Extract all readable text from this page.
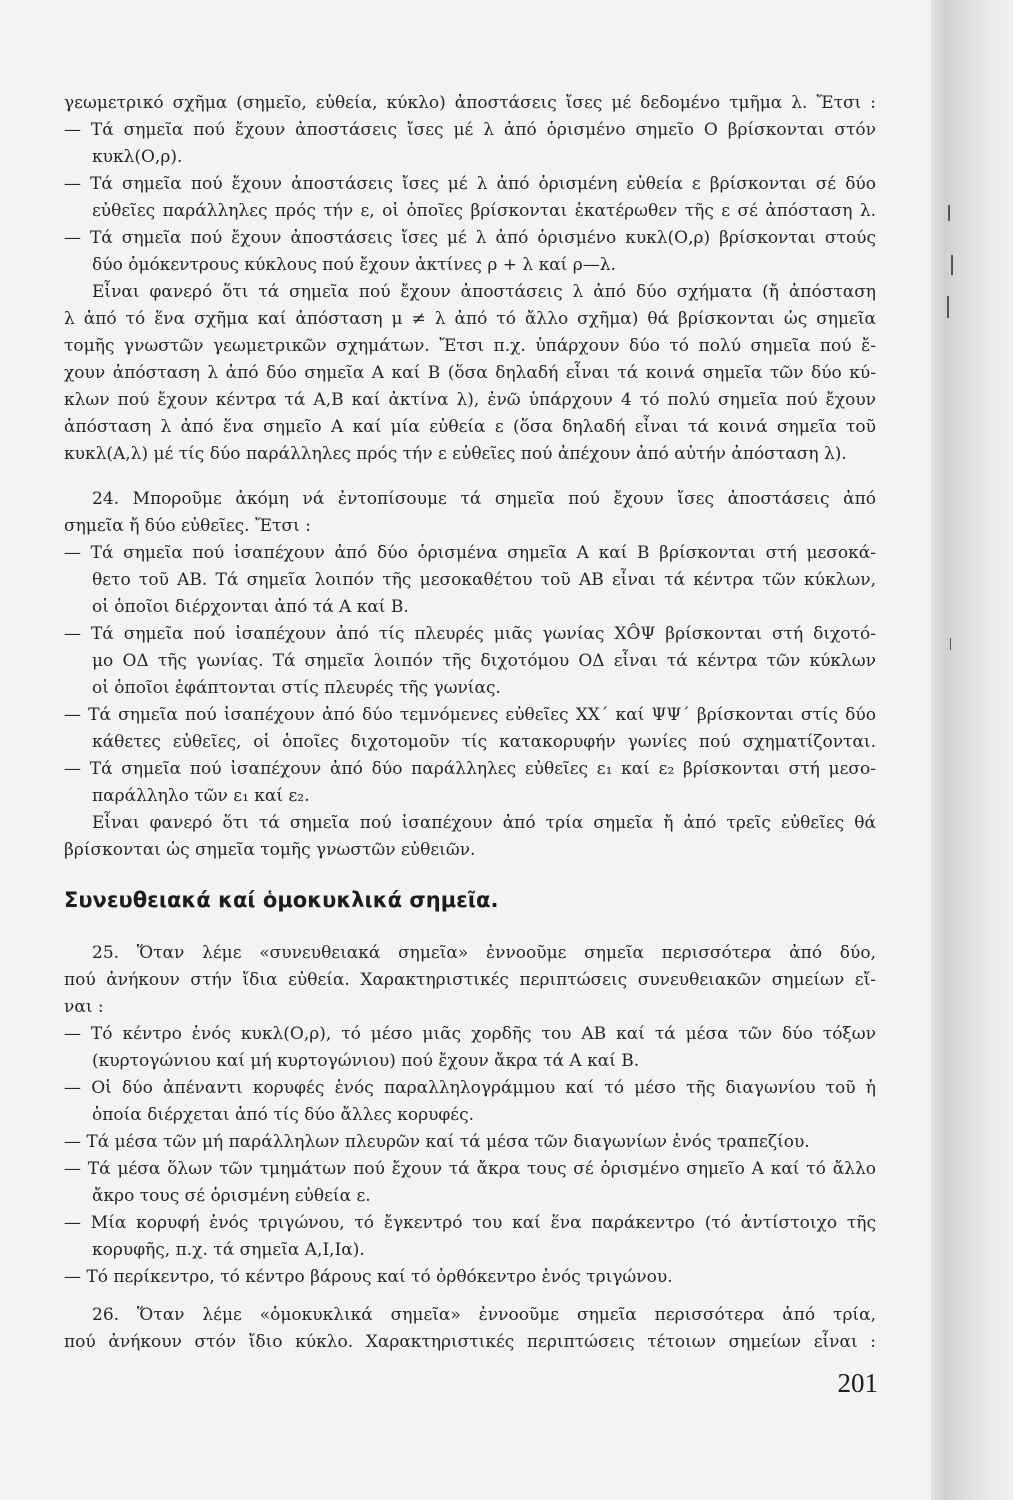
γεωμετρικό σχῆμα (σημεῖο, εὐθεία, κύκλο) ἀποστάσεις ἴσες μέ δεδομένο τμῆμα λ. Ἔτσι :
— Τά σημεῖα πού ἔχουν ἀποστάσεις ἴσες μέ λ ἀπό ὁρισμένο σημεῖο Ο βρίσκονται στόν
κυκλ(Ο,ρ).
— Τά σημεῖα πού ἔχουν ἀποστάσεις ἴσες μέ λ ἀπό ὁρισμένη εὐθεία ε βρίσκονται σέ δύο
εὐθεῖες παράλληλες πρός τήν ε, οἱ ὁποῖες βρίσκονται ἑκατέρωθεν τῆς ε σέ ἀπόσταση λ.
— Τά σημεῖα πού ἔχουν ἀποστάσεις ἴσες μέ λ ἀπό ὁρισμένο κυκλ(Ο,ρ) βρίσκονται στούς
δύο ὁμόκεντρους κύκλους πού ἔχουν ἀκτίνες ρ + λ καί ρ—λ.
Εἶναι φανερό ὅτι τά σημεῖα πού ἔχουν ἀποστάσεις λ ἀπό δύο σχήματα (ἤ ἀπόσταση
λ ἀπό τό ἕνα σχῆμα καί ἀπόσταση μ ≠ λ ἀπό τό ἄλλο σχῆμα) θά βρίσκονται ὡς σημεῖα
τομῆς γνωστῶν γεωμετρικῶν σχημάτων. Ἔτσι π.χ. ὑπάρχουν δύο τό πολύ σημεῖα πού ἔ-
χουν ἀπόσταση λ ἀπό δύο σημεῖα Α καί Β (ὅσα δηλαδή εἶναι τά κοινά σημεῖα τῶν δύο κύ-
κλων πού ἔχουν κέντρα τά Α,Β καί ἀκτίνα λ), ἐνῶ ὑπάρχουν 4 τό πολύ σημεῖα πού ἔχουν
ἀπόσταση λ ἀπό ἕνα σημεῖο Α καί μία εὐθεία ε (ὅσα δηλαδή εἶναι τά κοινά σημεῖα τοῦ
κυκλ(Α,λ) μέ τίς δύο παράλληλες πρός τήν ε εὐθεῖες πού ἀπέχουν ἀπό αὐτήν ἀπόσταση λ).
24. Μποροῦμε ἀκόμη νά ἐντοπίσουμε τά σημεῖα πού ἔχουν ἴσες ἀποστάσεις ἀπό
σημεῖα ἤ δύο εὐθεῖες. Ἔτσι :
— Τά σημεῖα πού ἰσαπέχουν ἀπό δύο ὁρισμένα σημεῖα Α καί Β βρίσκονται στή μεσοκά-
θετο τοῦ ΑΒ. Τά σημεῖα λοιπόν τῆς μεσοκαθέτου τοῦ ΑΒ εἶναι τά κέντρα τῶν κύκλων,
οἱ ὁποῖοι διέρχονται ἀπό τά Α καί Β.
— Τά σημεῖα πού ἰσαπέχουν ἀπό τίς πλευρές μιᾶς γωνίας ΧÔΨ βρίσκονται στή διχοτό-
μο ΟΔ τῆς γωνίας. Τά σημεῖα λοιπόν τῆς διχοτόμου ΟΔ εἶναι τά κέντρα τῶν κύκλων
οἱ ὁποῖοι ἐφάπτονται στίς πλευρές τῆς γωνίας.
— Τά σημεῖα πού ἰσαπέχουν ἀπό δύο τεμνόμενες εὐθεῖες ΧΧ΄ καί ΨΨ΄ βρίσκονται στίς δύο
κάθετες εὐθεῖες, οἱ ὁποῖες διχοτομοῦν τίς κατακορυφήν γωνίες πού σχηματίζονται.
— Τά σημεῖα πού ἰσαπέχουν ἀπό δύο παράλληλες εὐθεῖες ε₁ καί ε₂ βρίσκονται στή μεσο-
παράλληλο τῶν ε₁ καί ε₂.
Εἶναι φανερό ὅτι τά σημεῖα πού ἰσαπέχουν ἀπό τρία σημεῖα ἤ ἀπό τρεῖς εὐθεῖες θά
βρίσκονται ὡς σημεῖα τομῆς γνωστῶν εὐθειῶν.
25. Ὅταν λέμε «συνευθειακά σημεῖα» ἐννοοῦμε σημεῖα περισσότερα ἀπό δύο,
πού ἀνήκουν στήν ἴδια εὐθεία. Χαρακτηριστικές περιπτώσεις συνευθειακῶν σημείων εἴ-
ναι :
— Τό κέντρο ἑνός κυκλ(Ο,ρ), τό μέσο μιᾶς χορδῆς του ΑΒ καί τά μέσα τῶν δύο τόξων
(κυρτογώνιου καί μή κυρτογώνιου) πού ἔχουν ἄκρα τά Α καί Β.
— Οἱ δύο ἀπέναντι κορυφές ἑνός παραλληλογράμμου καί τό μέσο τῆς διαγωνίου τοῦ ἡ
ὁποία διέρχεται ἀπό τίς δύο ἄλλες κορυφές.
— Τά μέσα τῶν μή παράλληλων πλευρῶν καί τά μέσα τῶν διαγωνίων ἑνός τραπεζίου.
— Τά μέσα ὅλων τῶν τμημάτων πού ἔχουν τά ἄκρα τους σέ ὁρισμένο σημεῖο Α καί τό ἄλλο
ἄκρο τους σέ ὁρισμένη εὐθεία ε.
— Μία κορυφή ἑνός τριγώνου, τό ἔγκεντρό του καί ἕνα παράκεντρο (τό ἀντίστοιχο τῆς
κορυφῆς, π.χ. τά σημεῖα Α,Ι,Ια).
— Τό περίκεντρο, τό κέντρο βάρους καί τό ὀρθόκεντρο ἑνός τριγώνου.
26. Ὅταν λέμε «ὁμοκυκλικά σημεῖα» ἐννοοῦμε σημεῖα περισσότερα ἀπό τρία,
πού ἀνήκουν στόν ἴδιο κύκλο. Χαρακτηριστικές περιπτώσεις τέτοιων σημείων εἶναι :
Συνευθειακά καί ὁμοκυκλικά σημεῖα.
201
